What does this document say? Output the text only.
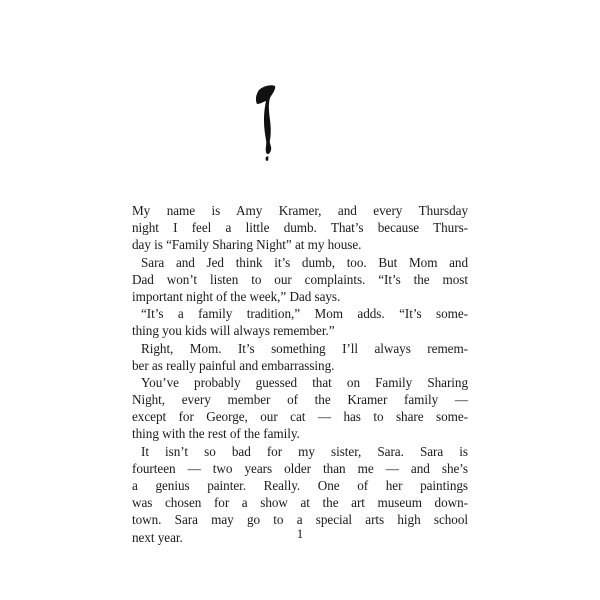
My name is Amy Kramer, and every Thursday
night I feel a little dumb. That’s because Thurs-
day is “Family Sharing Night” at my house.
Sara and Jed think it’s dumb, too. But Mom and
Dad won’t listen to our complaints. “It’s the most
important night of the week,” Dad says.
“It’s a family tradition,” Mom adds. “It’s some-
thing you kids will always remember.”
Right, Mom. It’s something I’ll always remem-
ber as really painful and embarrassing.
You’ve probably guessed that on Family Sharing
Night, every member of the Kramer family —
except for George, our cat — has to share some-
thing with the rest of the family.
It isn’t so bad for my sister, Sara. Sara is
fourteen — two years older than me — and she’s
a genius painter. Really. One of her paintings
was chosen for a show at the art museum down-
town. Sara may go to a special arts high school
next year.	1
